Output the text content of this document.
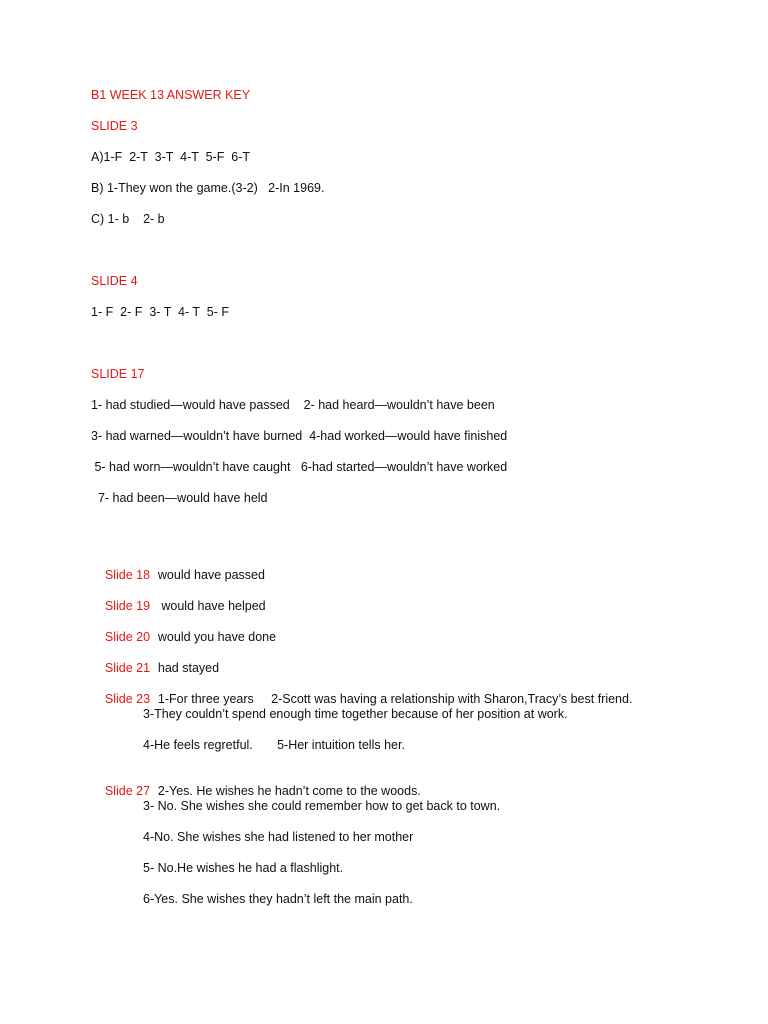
B1 WEEK 13 ANSWER KEY
SLIDE 3
A)1-F  2-T  3-T  4-T  5-F  6-T
B) 1-They won the game.(3-2)   2-In 1969.
C) 1- b    2- b
SLIDE 4
1- F  2- F  3- T  4- T  5- F
SLIDE 17
1- had studied—would have passed    2- had heard—wouldn’t have been
3- had warned—wouldn’t have burned  4-had worked—would have finished
5- had worn—wouldn’t have caught   6-had started—wouldn’t have worked
7- had been—would have held

Slide 18 would have passed

Slide 19 would have helped

Slide 20 would you have done

Slide 21 had stayed

Slide 23 1-For three years     2-Scott was having a relationship with Sharon,Tracy’s best friend.

3-They couldn’t spend enough time together because of her position at work.
4-He feels regretful.       5-Her intuition tells her.

Slide 27 2-Yes. He wishes he hadn’t come to the woods.

3- No. She wishes she could remember how to get back to town.
4-No. She wishes she had listened to her mother
5- No.He wishes he had a flashlight.
6-Yes. She wishes they hadn’t left the main path.
